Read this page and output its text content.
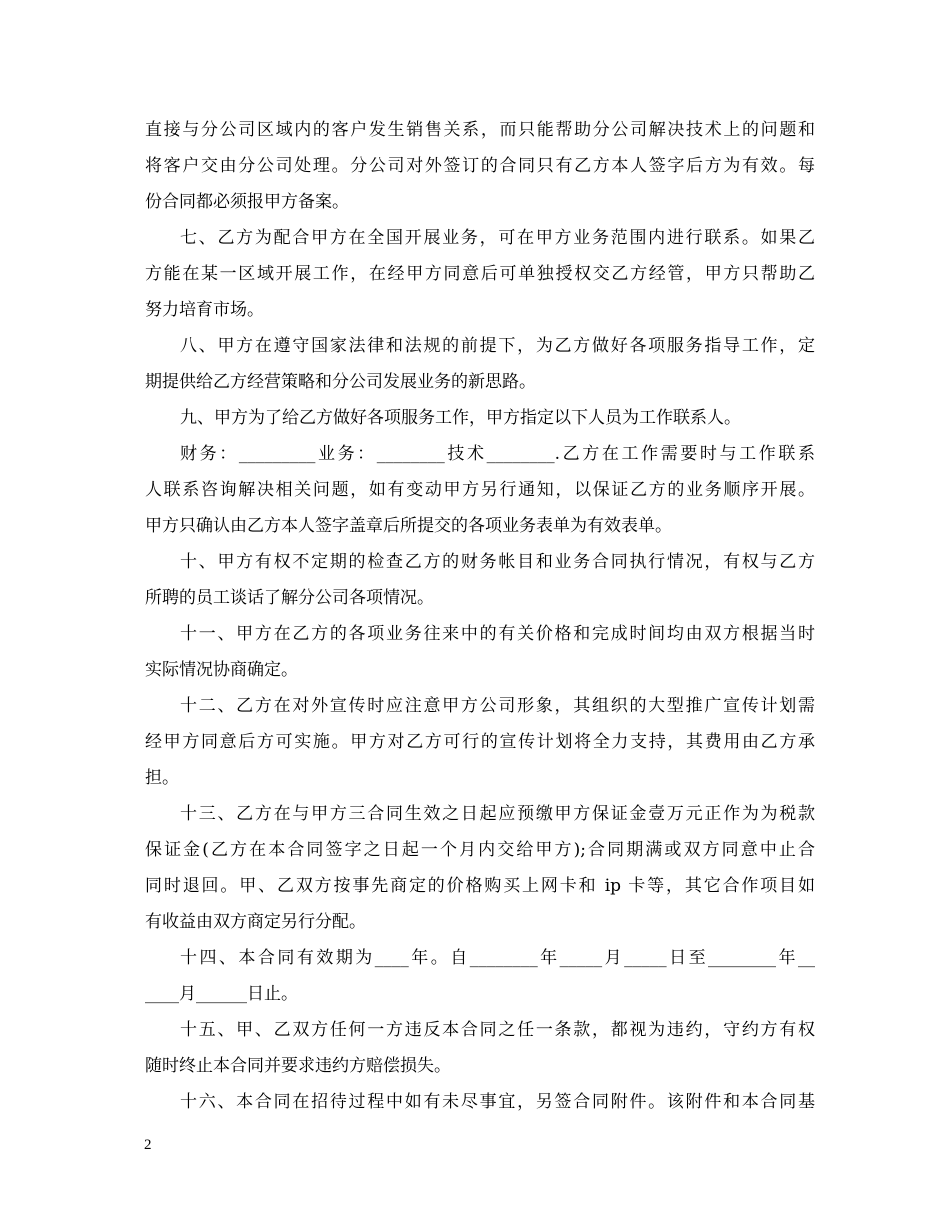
直接与分公司区域内的客户发生销售关系，而只能帮助分公司解决技术上的问题和
将客户交由分公司处理。分公司对外签订的合同只有乙方本人签字后方为有效。每
份合同都必须报甲方备案。
七、乙方为配合甲方在全国开展业务，可在甲方业务范围内进行联系。如果乙
方能在某一区域开展工作，在经甲方同意后可单独授权交乙方经管，甲方只帮助乙
努力培育市场。
八、甲方在遵守国家法律和法规的前提下，为乙方做好各项服务指导工作，定
期提供给乙方经营策略和分公司发展业务的新思路。
九、甲方为了给乙方做好各项服务工作，甲方指定以下人员为工作联系人。
财务：_________业务：________技术________.乙方在工作需要时与工作联系
人联系咨询解决相关问题，如有变动甲方另行通知，以保证乙方的业务顺序开展。
甲方只确认由乙方本人签字盖章后所提交的各项业务表单为有效表单。
十、甲方有权不定期的检查乙方的财务帐目和业务合同执行情况，有权与乙方
所聘的员工谈话了解分公司各项情况。
十一、甲方在乙方的各项业务往来中的有关价格和完成时间均由双方根据当时
实际情况协商确定。
十二、乙方在对外宣传时应注意甲方公司形象，其组织的大型推广宣传计划需
经甲方同意后方可实施。甲方对乙方可行的宣传计划将全力支持，其费用由乙方承
担。
十三、乙方在与甲方三合同生效之日起应预缴甲方保证金壹万元正作为为税款
保证金(乙方在本合同签字之日起一个月内交给甲方);合同期满或双方同意中止合
同时退回。甲、乙双方按事先商定的价格购买上网卡和 ip 卡等，其它合作项目如
有收益由双方商定另行分配。
十四、本合同有效期为____年。自________年_____月_____日至________年__
____月______日止。
十五、甲、乙双方任何一方违反本合同之任一条款，都视为违约，守约方有权
随时终止本合同并要求违约方赔偿损失。
十六、本合同在招待过程中如有未尽事宜，另签合同附件。该附件和本合同基
2
